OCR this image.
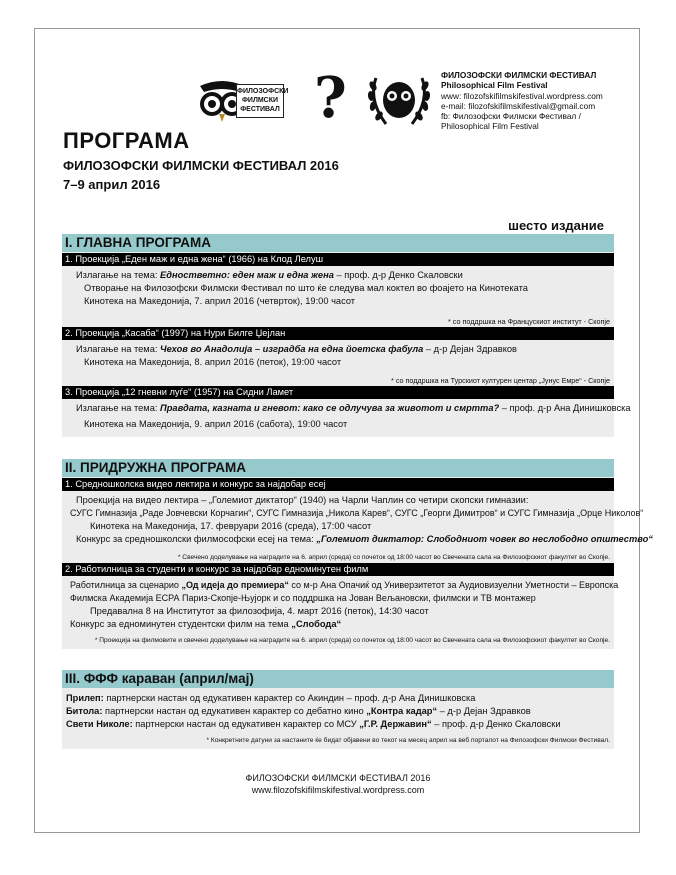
ФИЛОЗОФСКИ ФИЛМСКИ ФЕСТИВАЛ ?	ФИЛОЗОФСКИ ФИЛМСКИ ФЕСТИВАЛ
Philosophical Film Festival
www: filozofskifilmskifestival.wordpress.com
e-mail: filozofskifilmskifestival@gmail.com
fb: Филозофски Филмски Фестивал /
Philosophical Film Festival
ПРОГРАМА
ФИЛОЗОФСКИ ФИЛМСКИ ФЕСТИВАЛ 2016
7–9 април 2016
шесто издание
I. ГЛАВНА ПРОГРАМА
1. Проекција „Еден маж и една жена“ (1966) на Клод Лелуш
Излагање на тема: Едностветно: еден маж и една жена – проф. д-р Денко Скаловски
Отворање на Филозофски Филмски Фестивал по што ќе следува мал коктел во фоајето на Кинотеката
Кинотека на Македонија, 7. април 2016 (четврток), 19:00 часот
* со поддршка на Францускиот институт - Скопје
2. Проекција „Касаба“ (1997) на Нури Билге Џејлан
Излагање на тема: Чехов во Анадолија – изградба на една йоетска фабула – д-р Дејан Здравков
Кинотека на Македонија, 8. април 2016 (петок), 19:00 часот
* со поддршка на Турскиот културен центар „Јунус Емре“ - Скопје
3. Проекција „12 гневни луѓе“ (1957) на Сидни Ламет
Излагање на тема: Правдата, казната и гневот: како се одлучува за животот и смртта? – проф. д-р Ана Динишковска
Кинотека на Македонија, 9. април 2016 (сабота), 19:00 часот
II. ПРИДРУЖНА ПРОГРАМА
1. Средношколска видео лектира и конкурс за најдобар есеј
Проекција на видео лектира – „Големиот диктатор“ (1940) на Чарли Чаплин со четири скопски гимназии:
СУГС Гимназија „Раде Јовчевски Корчагин“, СУГС Гимназија „Никола Карев“, СУГС „Георги Димитров“ и СУГС Гимназија „Орце Николов“
Кинотека на Македонија, 17. февруари 2016 (среда), 17:00 часот
Конкурс за средношколски филмософски есеј на тема: „Големиот диктатор: Слободниот човек во неслободно општество“
* Свечено доделување на наградите на 6. април (среда) со почеток од 18:00 часот во Свечената сала на Филозофскиот факултет во Скопје.
2. Работилница за студенти и конкурс за најдобар едноминутен филм
Работилница за сценарио „Од идеја до премиера“ со м-р Ана Опачиќ од Универзитетот за Аудиовизуелни Уметности – Европска
Филмска Академија ЕСРА Париз-Скопје-Њујорк и со поддршка на Јован Вељановски, филмски и ТВ монтажер
Предавална 8 на Институтот за филозофија, 4. март 2016 (петок), 14:30 часот
Конкурс за едноминутен студентски филм на тема „Слобода“
* Проекција на филмовите и свечено доделување на наградите на 6. април (среда) со почеток од 18:00 часот во Свечената сала на Филозофскиот факултет во Скопје.
III. ФФФ караван (април/мај)
Прилеп: партнерски настан од едукативен карактер со Акиндин – проф. д-р Ана Динишковска
Битола: партнерски настан од едукативен карактер со дебатно кино „Контра кадар“ – д-р Дејан Здравков
Свети Николе: партнерски настан од едукативен карактер со МСУ „Г.Р. Державин“ – проф. д-р Денко Скаловски
* Конкретните датуни за настаните ќе бидат објавени во текот на месец април на веб порталот на Филозофски Филмски Фестивал.
ФИЛОЗОФСКИ ФИЛМСКИ ФЕСТИВАЛ 2016
www.filozofskifilmskifestival.wordpress.com
